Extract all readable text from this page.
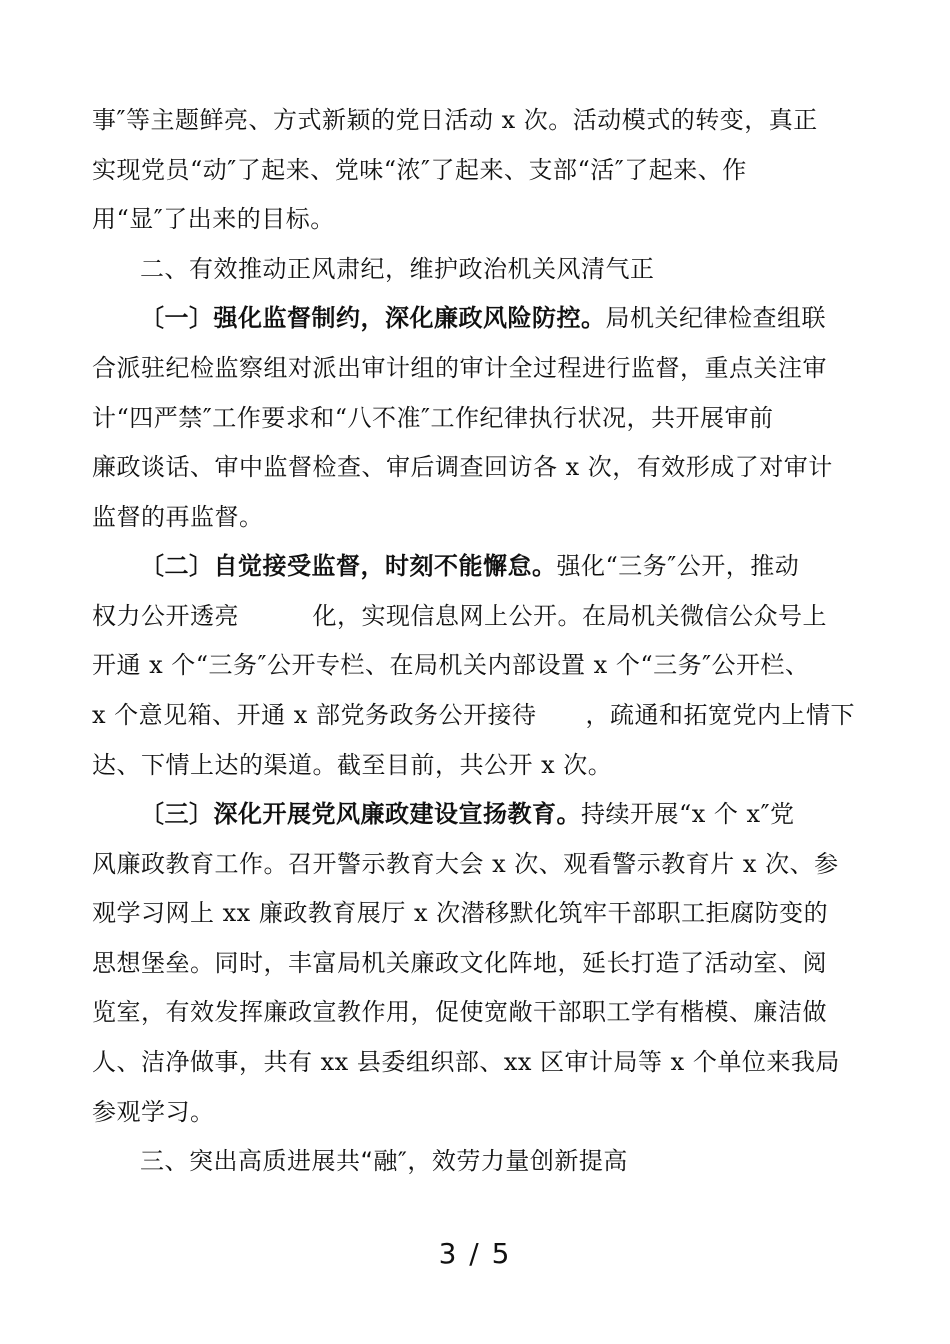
事″等主题鲜亮、方式新颖的党日活动 x 次。活动模式的转变，真正
实现党员“动″了起来、党味“浓″了起来、支部“活″了起来、作
用“显″了出来的目标。
二、有效推动正风肃纪，维护政治机关风清气正
〔一〕强化监督制约，深化廉政风险防控。局机关纪律检查组联
合派驻纪检监察组对派出审计组的审计全过程进行监督，重点关注审
计“四严禁″工作要求和“八不准″工作纪律执行状况，共开展审前
廉政谈话、审中监督检查、审后调查回访各 x 次，有效形成了对审计
监督的再监督。
〔二〕自觉接受监督，时刻不能懈怠。强化“三务″公开，推动
权力公开透亮　　　化，实现信息网上公开。在局机关微信公众号上
开通 x 个“三务″公开专栏、在局机关内部设置 x 个“三务″公开栏、
x 个意见箱、开通 x 部党务政务公开接待　　，疏通和拓宽党内上情下
达、下情上达的渠道。截至目前，共公开 x 次。
〔三〕深化开展党风廉政建设宣扬教育。持续开展“x 个 x″党
风廉政教育工作。召开警示教育大会 x 次、观看警示教育片 x 次、参
观学习网上 xx 廉政教育展厅 x 次潜移默化筑牢干部职工拒腐防变的
思想堡垒。同时，丰富局机关廉政文化阵地，延长打造了活动室、阅
览室，有效发挥廉政宣教作用，促使宽敞干部职工学有楷模、廉洁做
人、洁净做事，共有 xx 县委组织部、xx 区审计局等 x 个单位来我局
参观学习。
三、突出高质进展共“融″，效劳力量创新提高
3 / 5
